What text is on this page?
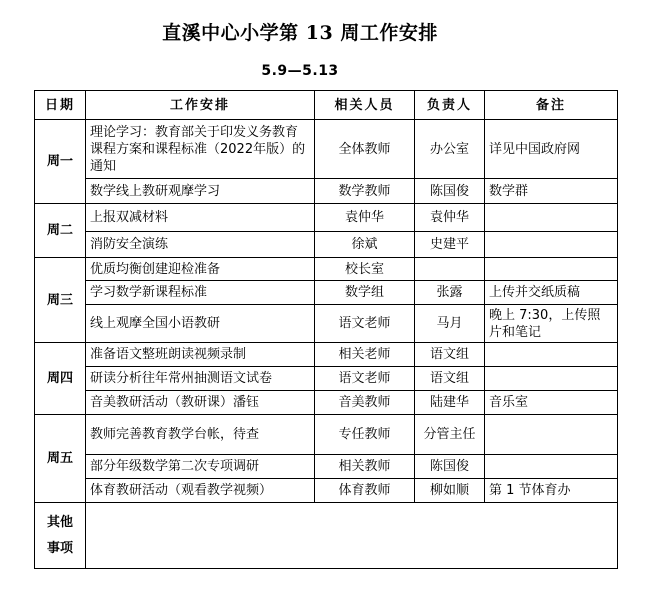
直溪中心小学第 13 周工作安排
5.9—5.13
日期	工作安排	相关人员	负责人	备注
周一	理论学习：教育部关于印发义务教育课程方案和课程标准（2022年版）的通知	全体教师	办公室	详见中国政府网
	数学线上教研观摩学习	数学教师	陈国俊	数学群
周二	上报双减材料	袁仲华	袁仲华	
	消防安全演练	徐斌	史建平	
周三	优质均衡创建迎检准备	校长室		
	学习数学新课程标准	数学组	张露	上传并交纸质稿
	线上观摩全国小语教研	语文老师	马月	晚上 7:30，上传照片和笔记
周四	准备语文整班朗读视频录制	相关老师	语文组	
	研读分析往年常州抽测语文试卷	语文老师	语文组	
	音美教研活动（教研课）潘钰	音美教师	陆建华	音乐室
周五	教师完善教育教学台帐，待查	专任教师	分管主任	
	部分年级数学第二次专项调研	相关教师	陈国俊	
	体育教研活动（观看教学视频）	体育教师	柳如顺	第 1 节体育办
其他事项				
